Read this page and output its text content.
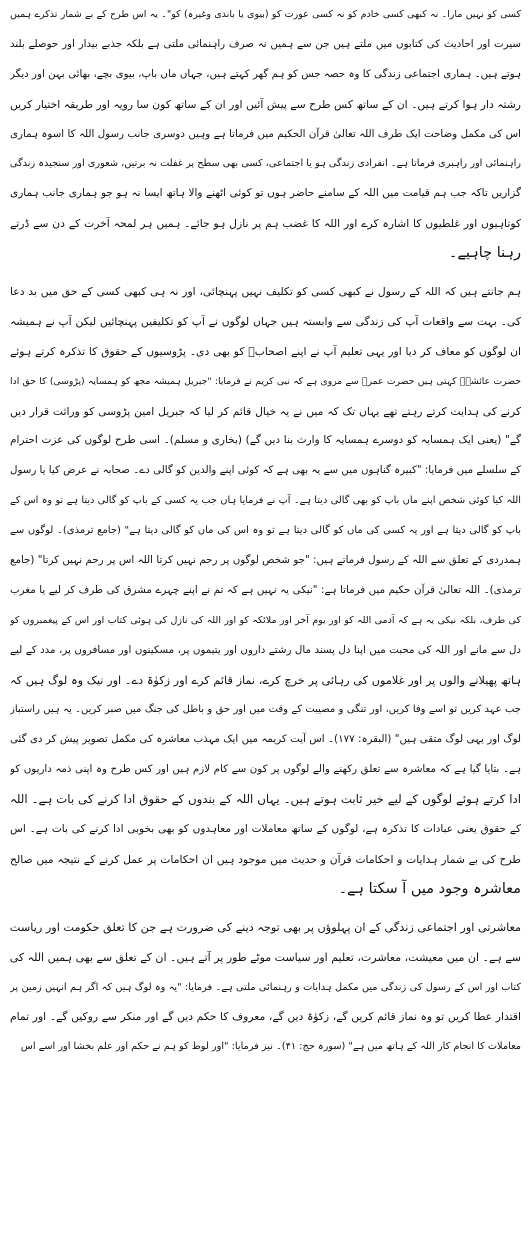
کسی کو نہیں مارا۔ نہ کبھی کسی خادم کو نہ کسی عورت کو (بیوی یا باندی وغیرہ) کو"۔ یہ اس طرح کے بے شمار تذکرے ہمیں
سیرت اور احادیث کی کتابوں میں ملتے ہیں جن سے ہمیں نہ صرف راہنمائی ملتی ہے بلکہ جذبے بیدار اور حوصلے بلند
ہوتے ہیں۔ ہماری اجتماعی زندگی کا وہ حصہ جس کو ہم گھر کہتے ہیں، جہاں ماں باپ، بیوی بچے، بھائی بہن اور دیگر
رشتہ دار ہوا کرتے ہیں۔ ان کے ساتھ کس طرح سے پیش آئیں اور ان کے ساتھ کون سا رویہ اور طریقہ اختیار کریں
اس کی مکمل وضاحت ایک طرف اللہ تعالیٰ قرآن الحکیم میں فرماتا ہے وہیں دوسری جانب رسول اللہ کا اسوہ ہماری
راہنمائی اور راہبری فرماتا ہے۔ انفرادی زندگی ہو یا اجتماعی، کسی بھی سطح پر غفلت نہ برتیں، شعوری اور سنجیدہ زندگی
گزاریں تاکہ جب ہم قیامت میں اللہ کے سامنے حاضر ہوں تو کوئی اٹھنے والا ہاتھ ایسا نہ ہو جو ہماری جانب ہماری
کوتاہیوں اور غلطیوں کا اشارہ کرے اور اللہ کا غضب ہم پر نازل ہو جائے۔ ہمیں ہر لمحہ آخرت کے دن سے ڈرتے
رہنا چاہیے۔
ہم جانتے ہیں کہ اللہ کے رسول نے کبھی کسی کو تکلیف نہیں پہنچائی، اور نہ ہی کبھی کسی کے حق میں بد دعا
کی۔ بہت سے واقعات آپ کی زندگی سے وابستہ ہیں جہاں لوگوں نے آپ کو تکلیفیں پہنچائیں لیکن آپ نے ہمیشہ
ان لوگوں کو معاف کر دیا اور یہی تعلیم آپ نے اپنے اصحابؓ کو بھی دی۔ پڑوسیوں کے حقوق کا تذکرہ کرتے ہوئے
حضرت عائشہؓ کہتی ہیں حضرت عمرؓ سے مروی ہے کہ نبی کریم نے فرمایا: "جبریل ہمیشہ مجھ کو ہمسایہ (پڑوسی) کا حق ادا
کرنے کی ہدایت کرتے رہتے تھے یہاں تک کہ میں نے یہ خیال قائم کر لیا کہ جبریل امین پڑوسی کو وراثت قرار دیں
گے" (یعنی ایک ہمسایہ کو دوسرے ہمسایہ کا وارث بنا دیں گے) (بخاری و مسلم)۔ اسی طرح لوگوں کی عزت احترام
کے سلسلے میں فرمایا: "کبیرہ گناہوں میں سے یہ بھی ہے کہ کوئی اپنے والدین کو گالی دے۔ صحابہ نے عرض کیا یا رسول
اللہ کیا کوئی شخص اپنے ماں باپ کو بھی گالی دیتا ہے۔ آپ نے فرمایا ہاں جب یہ کسی کے باپ کو گالی دیتا ہے تو وہ اس کے
باپ کو گالی دیتا ہے اور یہ کسی کی ماں کو گالی دیتا ہے تو وہ اس کی ماں کو گالی دیتا ہے" (جامع ترمذی)۔ لوگوں سے
ہمدردی کے تعلق سے اللہ کے رسول فرماتے ہیں: "جو شخص لوگوں پر رحم نہیں کرتا اللہ اس پر رحم نہیں کرتا" (جامع
ترمذی)۔ اللہ تعالیٰ قرآن حکیم میں فرماتا ہے: "نیکی یہ نہیں ہے کہ تم نے اپنے چہرے مشرق کی طرف کر لیے یا مغرب
کی طرف، بلکہ نیکی یہ ہے کہ آدمی اللہ کو اور یوم آخر اور ملائکہ کو اور اللہ کی نازل کی ہوئی کتاب اور اس کے پیغمبروں کو
دل سے مانے اور اللہ کی محبت میں اپنا دل پسند مال رشتے داروں اور یتیموں پر، مسکینوں اور مسافروں پر، مدد کے لیے
ہاتھ پھیلانے والوں پر اور غلاموں کی رہائی پر خرچ کرے، نماز قائم کرے اور زکوٰۃ دے۔ اور نیک وہ لوگ ہیں کہ
جب عہد کریں تو اسے وفا کریں، اور تنگی و مصیبت کے وقت میں اور حق و باطل کی جنگ میں صبر کریں۔ یہ ہیں راستباز
لوگ اور یہی لوگ متقی ہیں" (البقرہ: ۱۷۷)۔ اس آیت کریمہ میں ایک مہذب معاشرہ کی مکمل تصویر پیش کر دی گئی
ہے۔ بتایا گیا ہے کہ معاشرہ سے تعلق رکھنے والے لوگوں پر کون سے کام لازم ہیں اور کس طرح وہ اپنی ذمہ داریوں کو
ادا کرتے ہوئے لوگوں کے لیے خیر ثابت ہوتے ہیں۔ یہاں اللہ کے بندوں کے حقوق ادا کرنے کی بات ہے۔ اللہ
کے حقوق یعنی عبادات کا تذکرہ ہے، لوگوں کے ساتھ معاملات اور معاہدوں کو بھی بخوبی ادا کرنے کی بات ہے۔ اس
طرح کی بے شمار ہدایات و احکامات قرآن و حدیث میں موجود ہیں ان احکامات پر عمل کرنے کے نتیجہ میں صالح
معاشرہ وجود میں آ سکتا ہے۔
معاشرتی اور اجتماعی زندگی کے ان پہلوؤں پر بھی توجہ دینے کی ضرورت ہے جن کا تعلق حکومت اور ریاست
سے ہے۔ ان میں معیشت، معاشرت، تعلیم اور سیاست موٹے طور پر آتے ہیں۔ ان کے تعلق سے بھی ہمیں اللہ کی
کتاب اور اس کے رسول کی زندگی میں مکمل ہدایات و رہنمائی ملتی ہے۔ فرمایا: "یہ وہ لوگ ہیں کہ اگر ہم انہیں زمین پر
اقتدار عطا کریں تو وہ نماز قائم کریں گے، زکوٰۃ دیں گے، معروف کا حکم دیں گے اور منکر سے روکیں گے۔ اور تمام
معاملات کا انجام کار اللہ کے ہاتھ میں ہے" (سورہ حج: ۴۱)۔ نیز فرمایا: "اور لوط کو ہم نے حکم اور علم بخشا اور اسے اس
